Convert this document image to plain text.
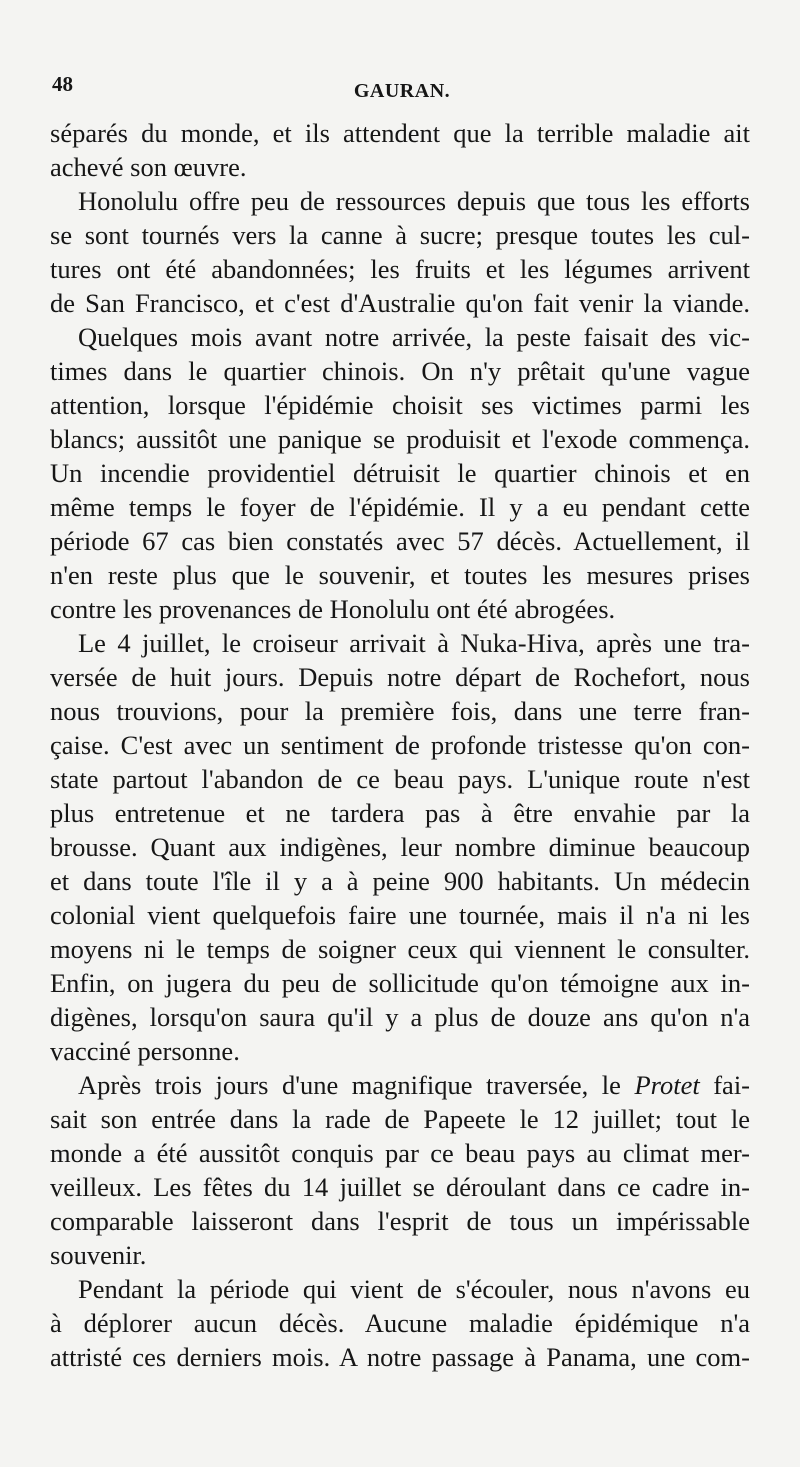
48	GAURAN.
séparés du monde, et ils attendent que la terrible maladie ait
achevé son œuvre.
Honolulu offre peu de ressources depuis que tous les efforts
se sont tournés vers la canne à sucre; presque toutes les cul-
tures ont été abandonnées; les fruits et les légumes arrivent
de San Francisco, et c'est d'Australie qu'on fait venir la viande.
Quelques mois avant notre arrivée, la peste faisait des vic-
times dans le quartier chinois. On n'y prêtait qu'une vague
attention, lorsque l'épidémie choisit ses victimes parmi les
blancs; aussitôt une panique se produisit et l'exode commença.
Un incendie providentiel détruisit le quartier chinois et en
même temps le foyer de l'épidémie. Il y a eu pendant cette
période 67 cas bien constatés avec 57 décès. Actuellement, il
n'en reste plus que le souvenir, et toutes les mesures prises
contre les provenances de Honolulu ont été abrogées.
Le 4 juillet, le croiseur arrivait à Nuka-Hiva, après une tra-
versée de huit jours. Depuis notre départ de Rochefort, nous
nous trouvions, pour la première fois, dans une terre fran-
çaise. C'est avec un sentiment de profonde tristesse qu'on con-
state partout l'abandon de ce beau pays. L'unique route n'est
plus entretenue et ne tardera pas à être envahie par la
brousse. Quant aux indigènes, leur nombre diminue beaucoup
et dans toute l'île il y a à peine 900 habitants. Un médecin
colonial vient quelquefois faire une tournée, mais il n'a ni les
moyens ni le temps de soigner ceux qui viennent le consulter.
Enfin, on jugera du peu de sollicitude qu'on témoigne aux in-
digènes, lorsqu'on saura qu'il y a plus de douze ans qu'on n'a
vacciné personne.
Après trois jours d'une magnifique traversée, le Protet fai-
sait son entrée dans la rade de Papeete le 12 juillet; tout le
monde a été aussitôt conquis par ce beau pays au climat mer-
veilleux. Les fêtes du 14 juillet se déroulant dans ce cadre in-
comparable laisseront dans l'esprit de tous un impérissable
souvenir.
Pendant la période qui vient de s'écouler, nous n'avons eu
à déplorer aucun décès. Aucune maladie épidémique n'a
attristé ces derniers mois. A notre passage à Panama, une com-
